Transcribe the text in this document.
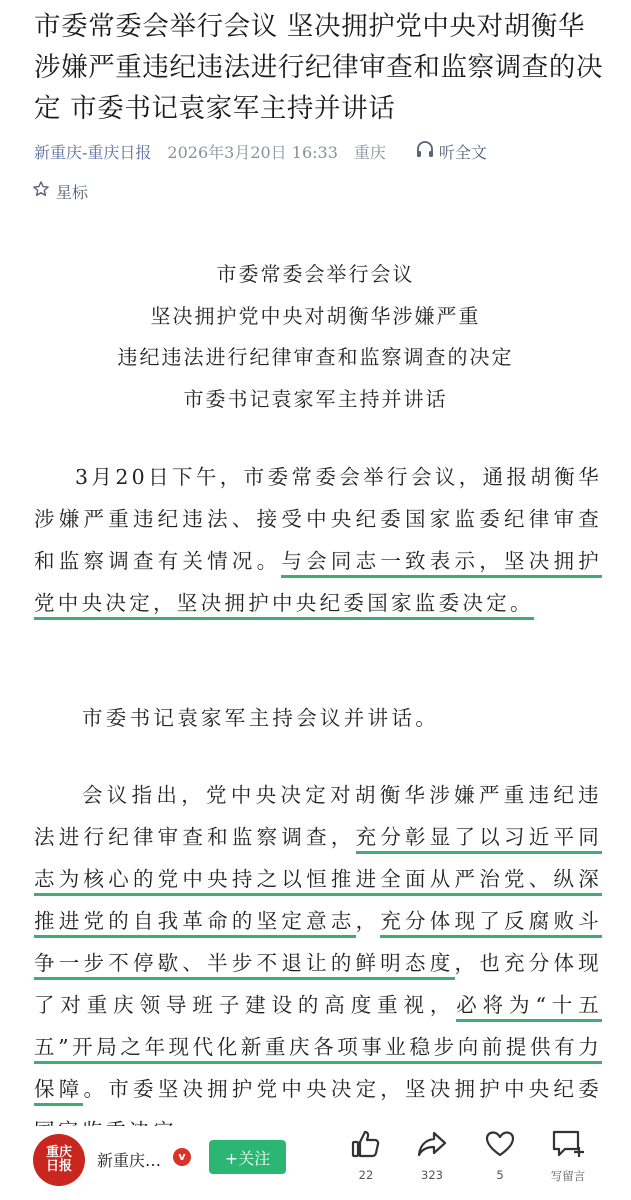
市委常委会举行会议 坚决拥护党中央对胡衡华涉嫌严重违纪违法进行纪律审查和监察调查的决定 市委书记袁家军主持并讲话
新重庆-重庆日报 2026年3月20日 16:33 重庆	听全文
星标
市委常委会举行会议
坚决拥护党中央对胡衡华涉嫌严重
违纪违法进行纪律审查和监察调查的决定
市委书记袁家军主持并讲话

3月20日下午，市委常委会举行会议，通报胡衡华涉嫌严重违纪违法、接受中央纪委国家监委纪律审查和监察调查有关情况。与会同志一致表示，坚决拥护党中央决定，坚决拥护中央纪委国家监委决定。

市委书记袁家军主持会议并讲话。

会议指出，党中央决定对胡衡华涉嫌严重违纪违法进行纪律审查和监察调查，充分彰显了以习近平同志为核心的党中央持之以恒推进全面从严治党、纵深推进党的自我革命的坚定意志，充分体现了反腐败斗争一步不停歇、半步不退让的鲜明态度，也充分体现了对重庆领导班子建设的高度重视，必将为“十五五”开局之年现代化新重庆各项事业稳步向前提供有力保障。市委坚决拥护党中央决定，坚决拥护中央纪委

重庆
日报 新重庆…	v	+关注
22	323	5	写留言
